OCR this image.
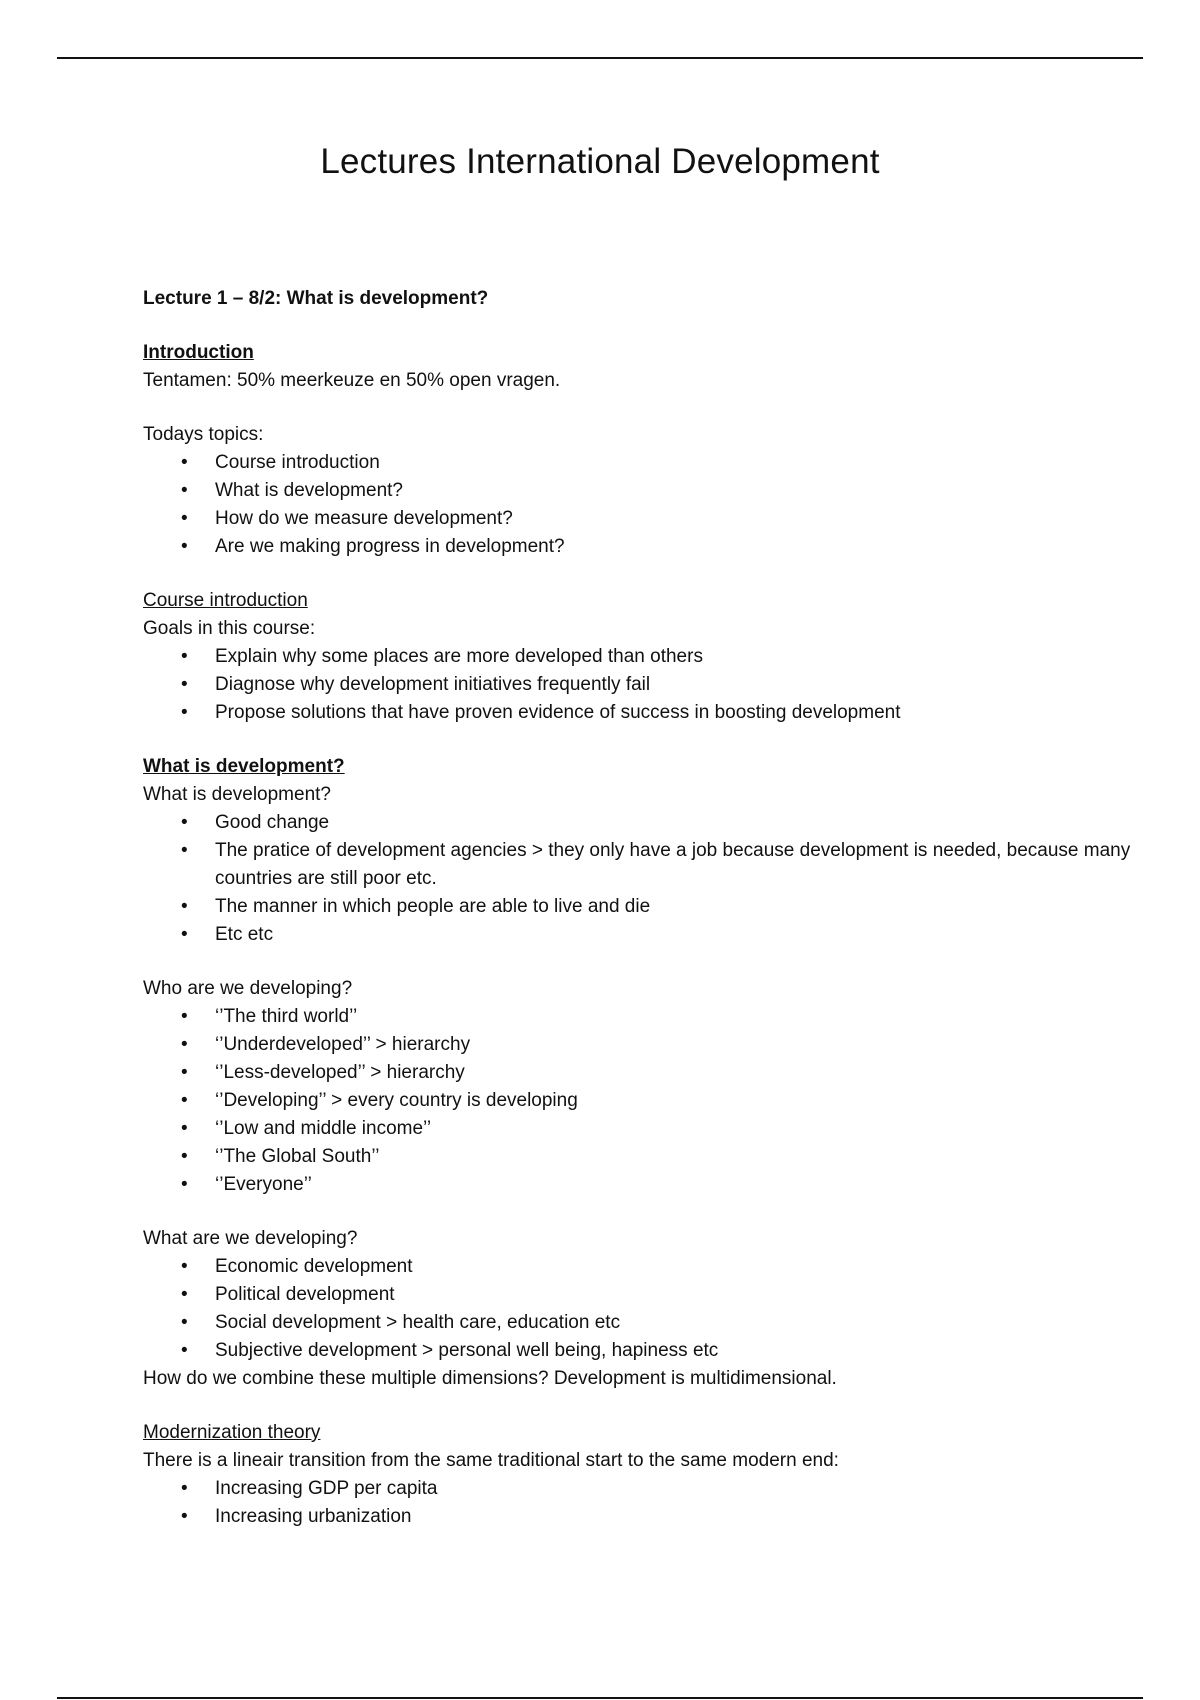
Lectures International Development

Lecture 1 – 8/2: What is development?

Introduction

Tentamen: 50% meerkeuze en 50% open vragen.

Todays topics:

• Course introduction
• What is development?
• How do we measure development?
• Are we making progress in development?

Course introduction

Goals in this course:

• Explain why some places are more developed than others
• Diagnose why development initiatives frequently fail
• Propose solutions that have proven evidence of success in boosting development

What is development?

What is development?

• Good change
• The pratice of development agencies > they only have a job because development is needed, because many countries are still poor etc.
• The manner in which people are able to live and die
• Etc etc

Who are we developing?

• ‘’The third world’’
• ‘’Underdeveloped’’ > hierarchy
• ‘’Less-developed’’ > hierarchy
• ‘’Developing’’ > every country is developing
• ‘’Low and middle income’’
• ‘’The Global South’’
• ‘’Everyone’’

What are we developing?

• Economic development
• Political development
• Social development > health care, education etc
• Subjective development > personal well being, hapiness etc

How do we combine these multiple dimensions? Development is multidimensional.

Modernization theory

There is a lineair transition from the same traditional start to the same modern end:

• Increasing GDP per capita
• Increasing urbanization
